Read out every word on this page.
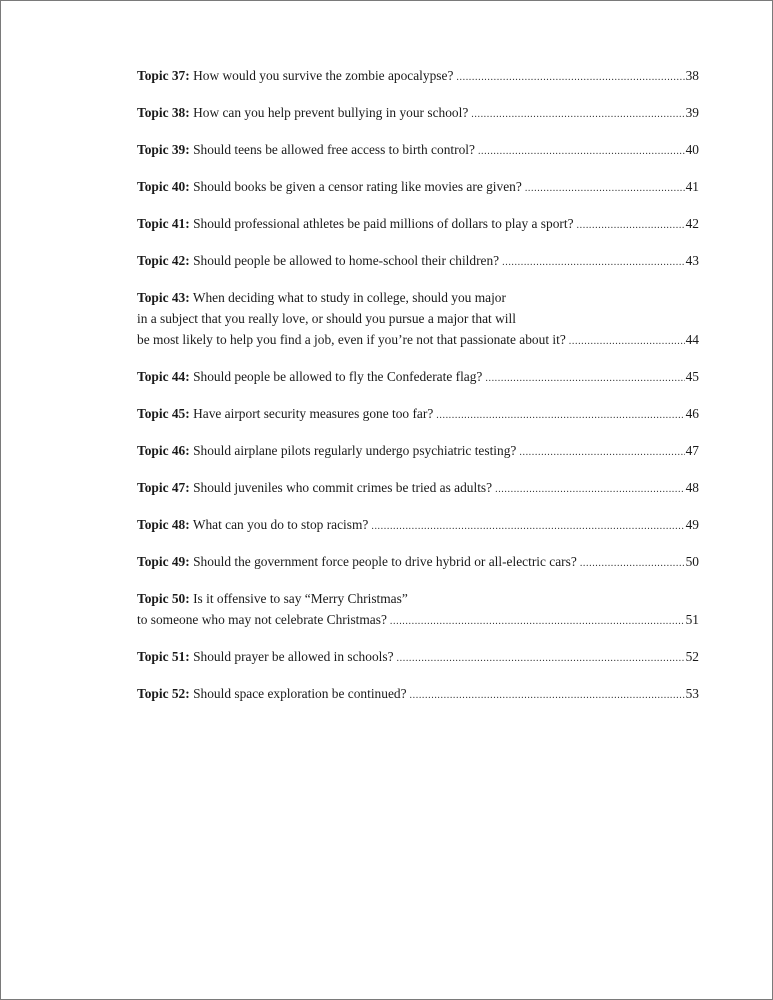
Topic 37: How would you survive the zombie apocalypse? .....	38
Topic 38: How can you help prevent bullying in your school? .....	39
Topic 39: Should teens be allowed free access to birth control? .....	40
Topic 40: Should books be given a censor rating like movies are given? .....	41
Topic 41: Should professional athletes be paid millions of dollars to play a sport? .....	42
Topic 42: Should people be allowed to home-school their children? .....	43
Topic 43: When deciding what to study in college, should you major
in a subject that you really love, or should you pursue a major that will
be most likely to help you find a job, even if you’re not that passionate about it? .....	44
Topic 44: Should people be allowed to fly the Confederate flag? .....	45
Topic 45: Have airport security measures gone too far? .....	46
Topic 46: Should airplane pilots regularly undergo psychiatric testing? .....	47
Topic 47: Should juveniles who commit crimes be tried as adults? .....	48
Topic 48: What can you do to stop racism? .....	49
Topic 49: Should the government force people to drive hybrid or all-electric cars? .....	50
Topic 50: Is it offensive to say “Merry Christmas”
to someone who may not celebrate Christmas? .....	51
Topic 51: Should prayer be allowed in schools? .....	52
Topic 52: Should space exploration be continued? .....	53
